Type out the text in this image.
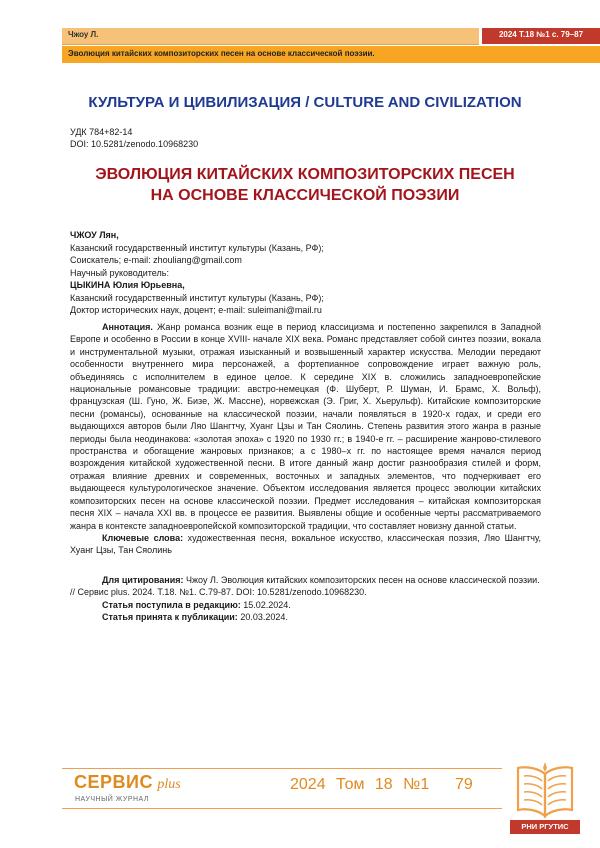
Чжоу Л.	2024 Т.18 №1 с. 79–87
Эволюция китайских композиторских песен на основе классической поэзии.
КУЛЬТУРА И ЦИВИЛИЗАЦИЯ / CULTURE AND CIVILIZATION
УДК 784+82-14
DOI: 10.5281/zenodo.10968230
ЭВОЛЮЦИЯ КИТАЙСКИХ КОМПОЗИТОРСКИХ ПЕСЕН
НА ОСНОВЕ КЛАССИЧЕСКОЙ ПОЭЗИИ
ЧЖОУ Лян,
Казанский государственный институт культуры (Казань, РФ);
Соискатель; e-mail: zhouliang@gmail.com
Научный руководитель:
ЦЫКИНА Юлия Юрьевна,
Казанский государственный институт культуры (Казань, РФ);
Доктор исторических наук, доцент; e-mail: suleimani@mail.ru

Аннотация. Жанр романса возник еще в период классицизма и постепенно закрепился в Западной Европе и особенно в России в конце XVIII- начале XIX века. Романс представляет собой синтез поэзии, вокала и инструментальной музыки, отражая изысканный и возвышенный характер искусства. Мелодии передают особенности внутреннего мира персонажей, а фортепианное сопровождение играет важную роль, объединяясь с исполнителем в единое целое. К середине XIX в. сложились западноевропейские национальные романсовые традиции: австро-немецкая (Ф. Шуберт, Р. Шуман, И. Брамс, Х. Вольф), французская (Ш. Гуно, Ж. Бизе, Ж. Массне), норвежская (Э. Григ, Х. Хьерульф). Китайские композиторские песни (романсы), основанные на классической поэзии, начали появляться в 1920-х годах, и среди его выдающихся авторов были Ляо Шангтчу, Хуанг Цзы и Тан Сяолинь. Степень развития этого жанра в разные периоды была неодинакова: «золотая эпоха» с 1920 по 1930 гг.; в 1940-е гг. – расширение жанрово-стилевого пространства и обогащение жанровых признаков; а с 1980–х гг. по настоящее время начался период возрождения китайской художественной песни. В итоге данный жанр достиг разнообразия стилей и форм, отражая влияние древних и современных, восточных и западных элементов, что подчеркивает его выдающееся культурологическое значение. Объектом исследования является процесс эволюции китайских композиторских песен на основе классической поэзии. Предмет исследования – китайская композиторская песня XIX – начала XXI вв. в процессе ее развития. Выявлены общие и особенные черты рассматриваемого жанра в контексте западноевропейской композиторской традиции, что составляет новизну данной статьи.

Ключевые слова: художественная песня, вокальное искусство, классическая поэзия, Ляо Шангтчу, Хуанг Цзы, Тан Сяолинь

Для цитирования: Чжоу Л. Эволюция китайских композиторских песен на основе классической поэзии. // Сервис plus. 2024. Т.18. №1. С.79-87. DOI: 10.5281/zenodo.10968230.

Статья поступила в редакцию: 15.02.2024.

Статья принята к публикации: 20.03.2024.

СЕРВИС plus
НАУЧНЫЙ ЖУРНАЛ
2024 Том 18 №1 79
РНИ РГУТИС
